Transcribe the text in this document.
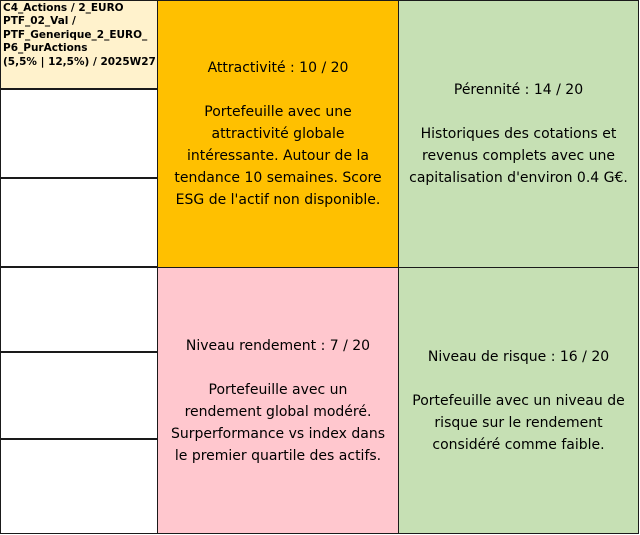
C4_Actions / 2_EURO
PTF_02_Val /
PTF_Generique_2_EURO_
P6_PurActions
(5,5% | 12,5%) / 2025W27	Attractivité : 10 / 20
Portefeuille avec une attractivité globale intéressante. Autour de la tendance 10 semaines. Score ESG de l'actif non disponible.
Pérennité : 14 / 20
Historiques des cotations et revenus complets avec une capitalisation d'environ 0.4 G€.
Niveau rendement : 7 / 20
Portefeuille avec un rendement global modéré. Surperformance vs index dans le premier quartile des actifs.
Niveau de risque : 16 / 20
Portefeuille avec un niveau de risque sur le rendement considéré comme faible.
